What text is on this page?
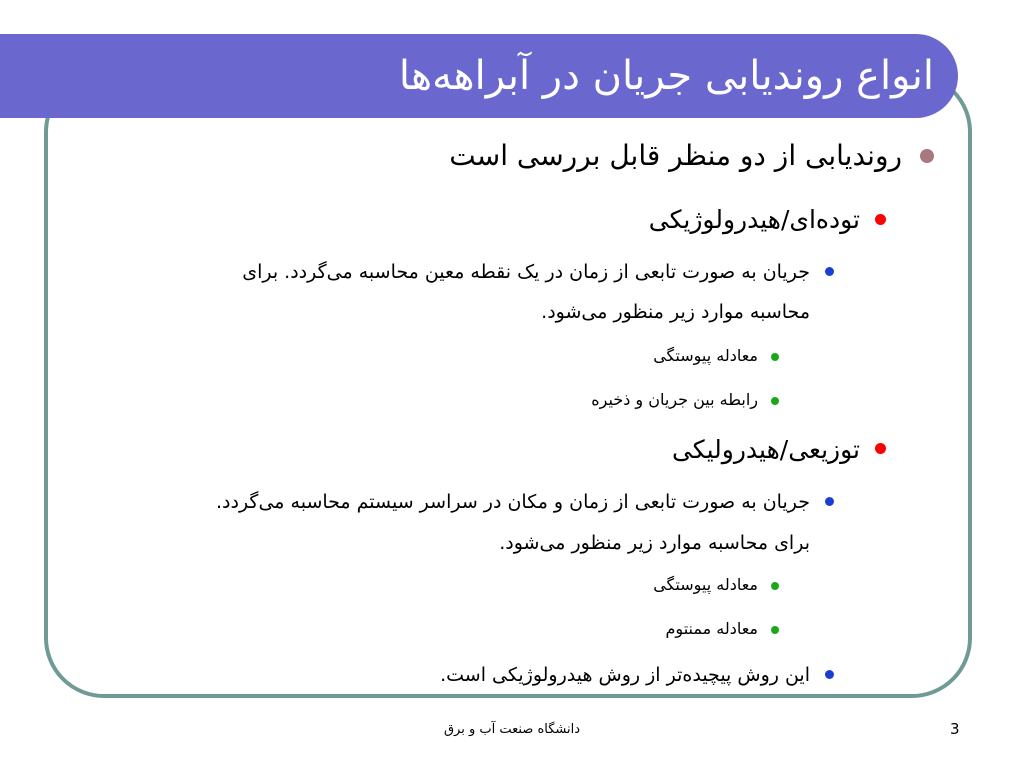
انواع روندیابی جریان در آبراهه‌ها

روندیابی از دو منظر قابل بررسی است

توده‌ای/هیدرولوژیکی

جریان به صورت تابعی از زمان در یک نقطه معین محاسبه می‌گردد. برای

محاسبه موارد زیر منظور می‌شود.

معادله پیوستگی

رابطه بین جریان و ذخیره

توزیعی/هیدرولیکی

جریان به صورت تابعی از زمان و مکان در سراسر سیستم محاسبه می‌گردد.

برای محاسبه موارد زیر منظور می‌شود.

معادله پیوستگی

معادله ممنتوم

این روش پیچیده‌تر از روش هیدرولوژیکی است.

دانشگاه صنعت آب و برق	3
